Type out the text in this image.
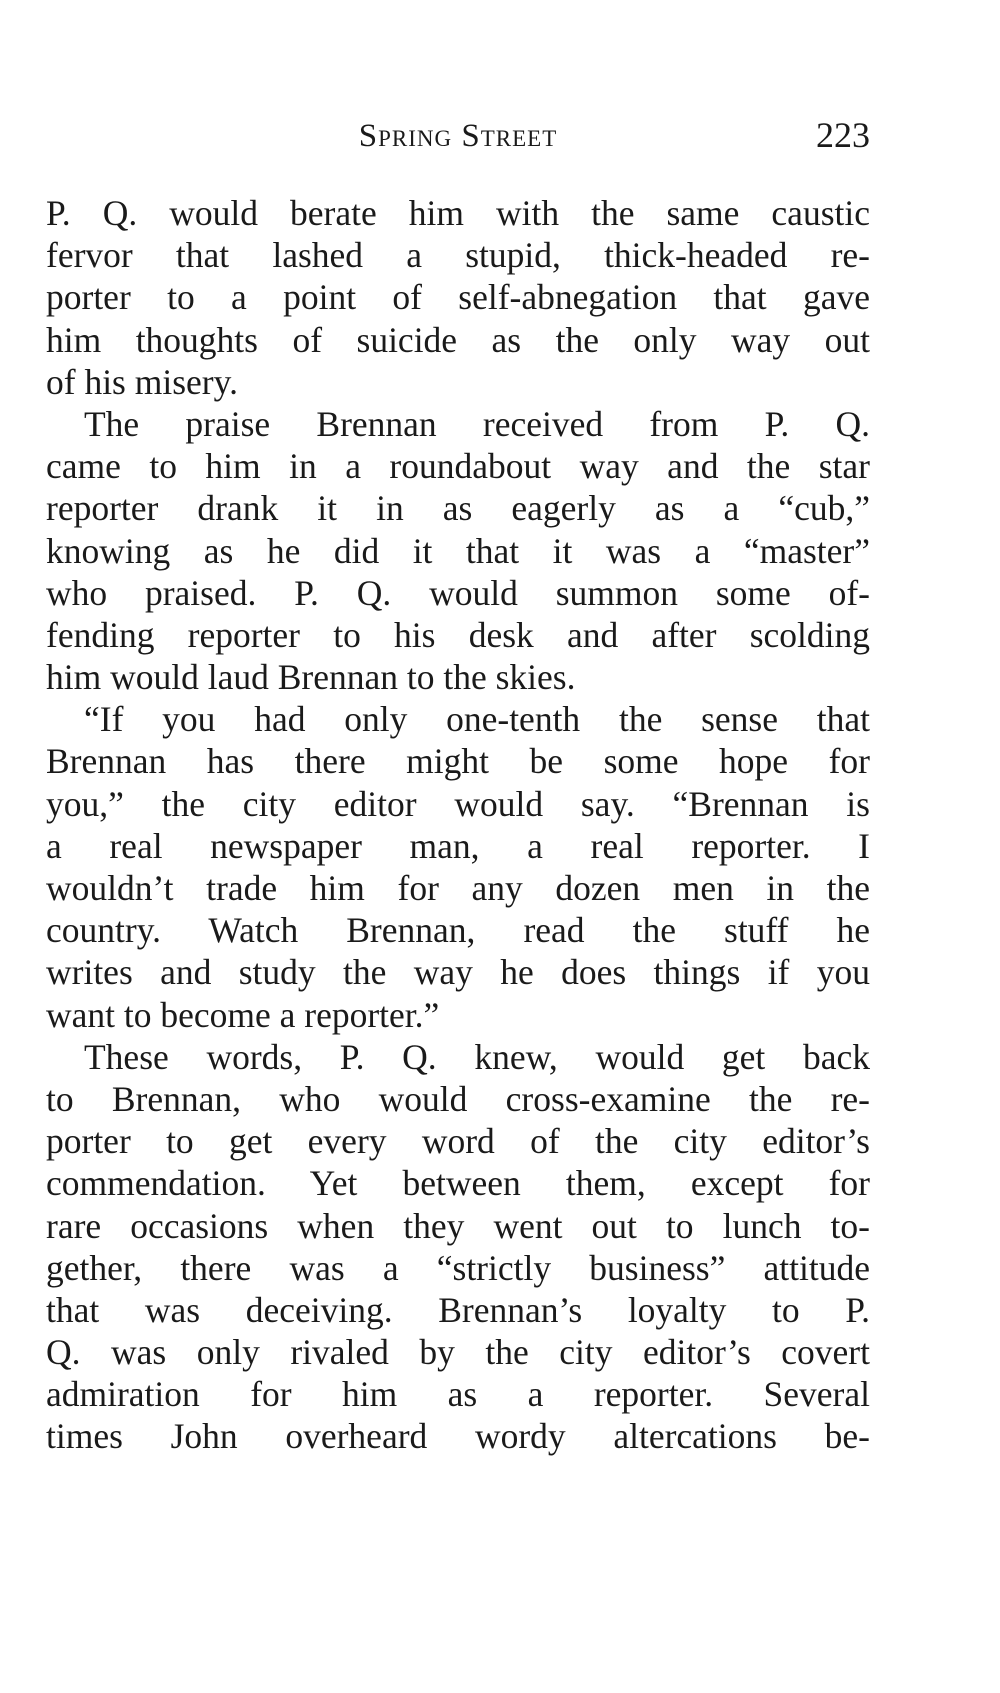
Spring Street	223
P. Q. would berate him with the same caustic
fervor that lashed a stupid, thick-headed re-
porter to a point of self-abnegation that gave
him thoughts of suicide as the only way out
of his misery.
The praise Brennan received from P. Q.
came to him in a roundabout way and the star
reporter drank it in as eagerly as a “cub,”
knowing as he did it that it was a “master”
who praised. P. Q. would summon some of-
fending reporter to his desk and after scolding
him would laud Brennan to the skies.
“If you had only one-tenth the sense that
Brennan has there might be some hope for
you,” the city editor would say. “Brennan is
a real newspaper man, a real reporter. I
wouldn’t trade him for any dozen men in the
country. Watch Brennan, read the stuff he
writes and study the way he does things if you
want to become a reporter.”
These words, P. Q. knew, would get back
to Brennan, who would cross-examine the re-
porter to get every word of the city editor’s
commendation. Yet between them, except for
rare occasions when they went out to lunch to-
gether, there was a “strictly business” attitude
that was deceiving. Brennan’s loyalty to P.
Q. was only rivaled by the city editor’s covert
admiration for him as a reporter. Several
times John overheard wordy altercations be-
